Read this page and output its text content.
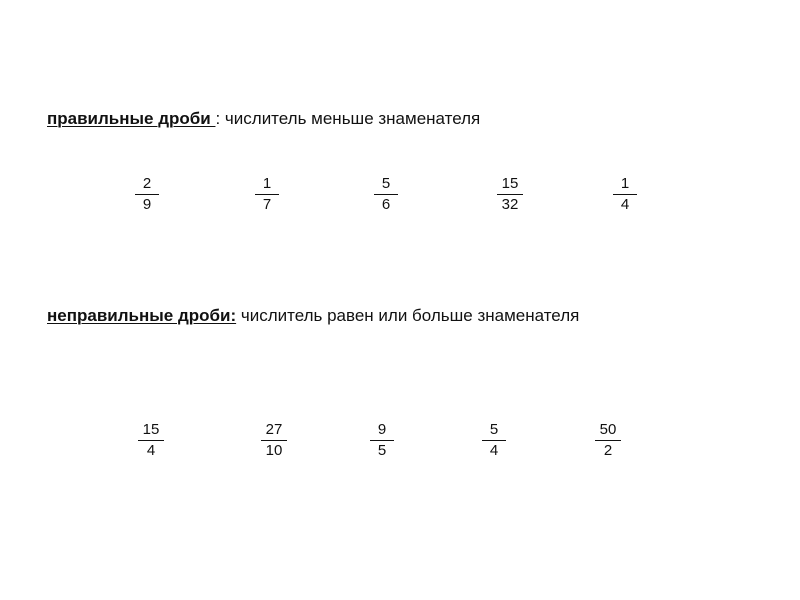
правильные дроби : числитель меньше знаменателя
2
9
1
7
5
6
15
32
1
4
неправильные дроби: числитель равен или больше знаменателя
15
4
27
10
9
5
5
4
50
2
